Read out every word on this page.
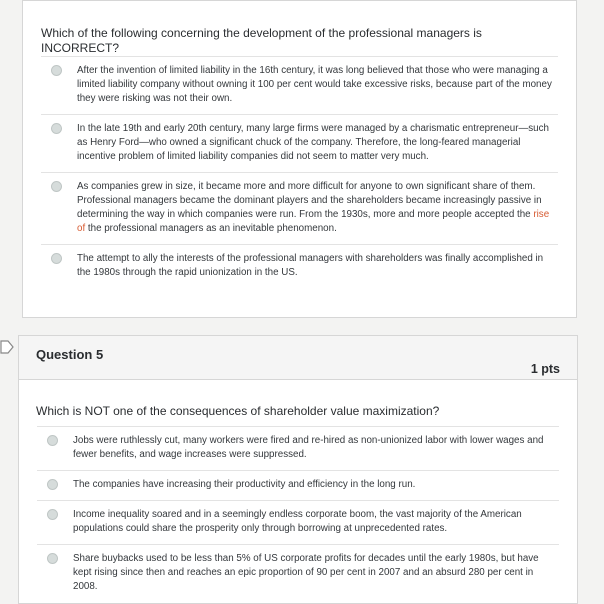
Which of the following concerning the development of the professional managers is INCORRECT?
After the invention of limited liability in the 16th century, it was long believed that those who were managing a limited liability company without owning it 100 per cent would take excessive risks, because part of the money they were risking was not their own.
In the late 19th and early 20th century, many large firms were managed by a charismatic entrepreneur—such as Henry Ford—who owned a significant chuck of the company. Therefore, the long-feared managerial incentive problem of limited liability companies did not seem to matter very much.
As companies grew in size, it became more and more difficult for anyone to own significant share of them. Professional managers became the dominant players and the shareholders became increasingly passive in determining the way in which companies were run. From the 1930s, more and more people accepted the rise of the professional managers as an inevitable phenomenon.
The attempt to ally the interests of the professional managers with shareholders was finally accomplished in the 1980s through the rapid unionization in the US.
Question 5
1 pts
Which is NOT one of the consequences of shareholder value maximization?
Jobs were ruthlessly cut, many workers were fired and re-hired as non-unionized labor with lower wages and fewer benefits, and wage increases were suppressed.
The companies have increasing their productivity and efficiency in the long run.
Income inequality soared and in a seemingly endless corporate boom, the vast majority of the American populations could share the prosperity only through borrowing at unprecedented rates.
Share buybacks used to be less than 5% of US corporate profits for decades until the early 1980s, but have kept rising since then and reaches an epic proportion of 90 per cent in 2007 and an absurd 280 per cent in 2008.
